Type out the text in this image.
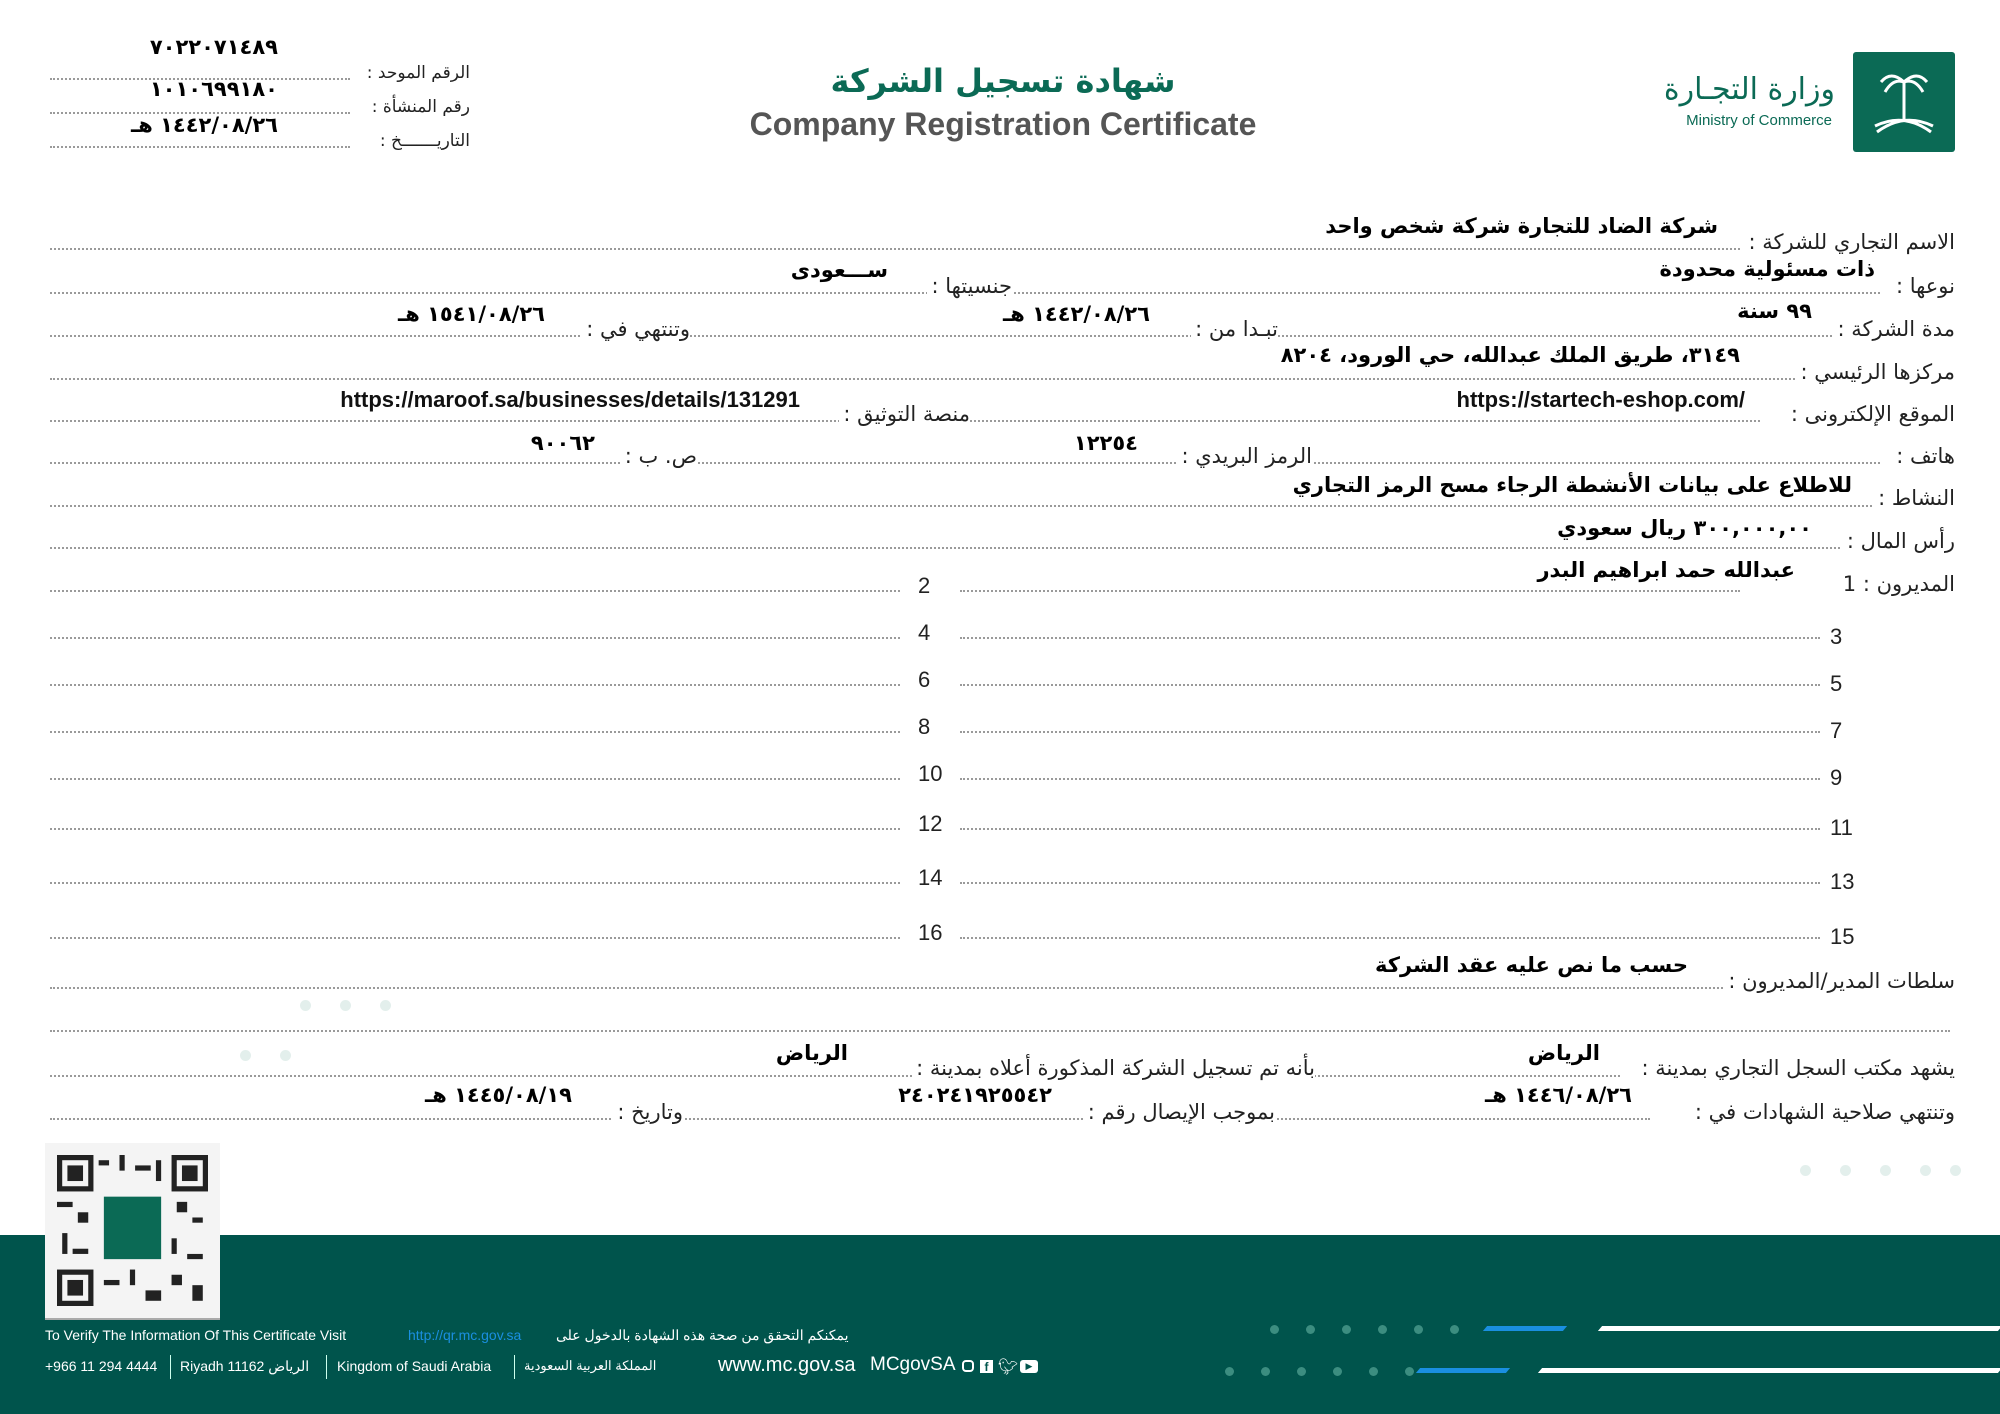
شهادة تسجيل الشركة
Company Registration Certificate
وزارة التجـارة
Ministry of Commerce
٧٠٢٢٠٧١٤٨٩
الرقم الموحد :
١٠١٠٦٩٩١٨٠
رقم المنشأة :
١٤٤٢/٠٨/٢٦ هـ
التاريـــــــخ :
الاسم التجاري للشركة :
شركة الضاد للتجارة شركة شخص واحد
نوعها :
ذات مسئولية محدودة
جنسيتها :
ســـعودى
مدة الشركة :
٩٩ سنة
تبـدا من :
١٤٤٢/٠٨/٢٦ هـ
وتنتهي في :
١٥٤١/٠٨/٢٦ هـ
مركزها الرئيسي :
٣١٤٩، طريق الملك عبدالله، حي الورود، ٨٢٠٤
الموقع الإلكترونى :
https://startech-eshop.com/
منصة التوثيق :
https://maroof.sa/businesses/details/131291
هاتف :
الرمز البريدي :
١٢٢٥٤
ص. ب :
٩٠٠٦٢
النشاط :
للاطلاع على بيانات الأنشطة الرجاء مسح الرمز التجاري
رأس المال :
٣٠٠,٠٠٠,٠٠ ريال سعودي
المديرون : 1
عبدالله حمد ابراهيم البدر
2
4	3
6	5
8	7
10	9
12	11
14	13
16	15
سلطات المدير/المديرون :
حسب ما نص عليه عقد الشركة
يشهد مكتب السجل التجاري بمدينة :
الرياض
بأنه تم تسجيل الشركة المذكورة أعلاه بمدينة :
الرياض
وتنتهي صلاحية الشهادات في :
١٤٤٦/٠٨/٢٦ هـ
بموجب الإيصال رقم :
٢٤٠٢٤١٩٢٥٥٤٢
وتاريخ :
١٤٤٥/٠٨/١٩ هـ
To Verify The Information Of This Certificate Visit	http://qr.mc.gov.sa يمكنكم التحقق من صحة هذه الشهادة بالدخول على
+966 11 294 4444 Riyadh 11162 الرياض Kingdom of Saudi Arabia	المملكة العربية السعودية	www.mc.gov.sa MCgovSA	f 🐦︎ ▶
